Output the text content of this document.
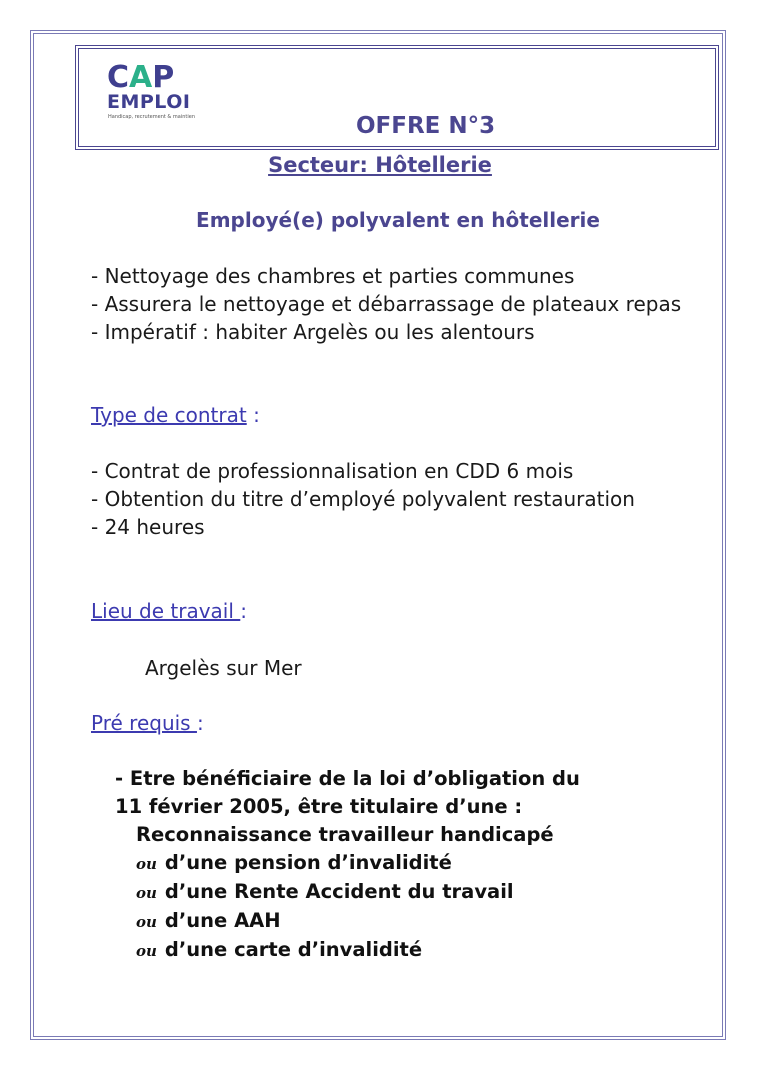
CAP
EMPLOI
Handicap, recrutement & maintien	OFFRE N°3
Secteur: Hôtellerie
Employé(e) polyvalent en hôtellerie
- Nettoyage des chambres et parties communes
- Assurera le nettoyage et débarrassage de plateaux repas
- Impératif : habiter Argelès ou les alentours

Type de contrat :

- Contrat de professionnalisation en CDD 6 mois
- Obtention du titre d’employé polyvalent restauration
- 24 heures

Lieu de travail :

Argelès sur Mer

Pré requis :

- Etre bénéficiaire de la loi d’obligation du
11 février 2005, être titulaire d’une :
Reconnaissance travailleur handicapé
ou d’une pension d’invalidité
ou d’une Rente Accident du travail
ou d’une AAH
ou d’une carte d’invalidité
